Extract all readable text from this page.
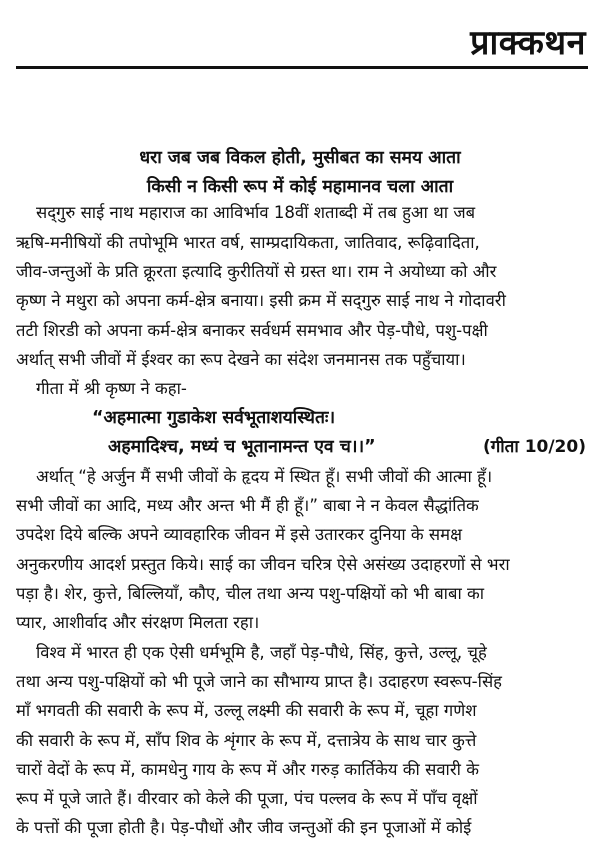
प्राक्कथन
धरा जब जब विकल होती, मुसीबत का समय आता
किसी न किसी रूप में कोई महामानव चला आता
सद्‌गुरु साई नाथ महाराज का आविर्भाव 18वीं शताब्दी में तब हुआ था जब
ऋषि-मनीषियों की तपोभूमि भारत वर्ष, साम्प्रदायिकता, जातिवाद, रूढ़िवादिता,
जीव-जन्तुओं के प्रति क्रूरता इत्यादि कुरीतियों से ग्रस्त था। राम ने अयोध्या को और
कृष्ण ने मथुरा को अपना कर्म-क्षेत्र बनाया। इसी क्रम में सद्‌गुरु साई नाथ ने गोदावरी
तटी शिरडी को अपना कर्म-क्षेत्र बनाकर सर्वधर्म समभाव और पेड़-पौधे, पशु-पक्षी
अर्थात् सभी जीवों में ईश्वर का रूप देखने का संदेश जनमानस तक पहुँचाया।
गीता में श्री कृष्ण ने कहा-
“अहमात्मा गुडाकेश सर्वभूताशयस्थितः।
अहमादिश्च, मध्यं च भूतानामन्त एव च।।”	(गीता 10/20)
अर्थात् “हे अर्जुन मैं सभी जीवों के हृदय में स्थित हूँ। सभी जीवों की आत्मा हूँ।
सभी जीवों का आदि, मध्य और अन्त भी मैं ही हूँ।” बाबा ने न केवल सैद्धांतिक
उपदेश दिये बल्कि अपने व्यावहारिक जीवन में इसे उतारकर दुनिया के समक्ष
अनुकरणीय आदर्श प्रस्तुत किये। साई का जीवन चरित्र ऐसे असंख्य उदाहरणों से भरा
पड़ा है। शेर, कुत्ते, बिल्लियाँ, कौए, चील तथा अन्य पशु-पक्षियों को भी बाबा का
प्यार, आशीर्वाद और संरक्षण मिलता रहा।
विश्व में भारत ही एक ऐसी धर्मभूमि है, जहाँ पेड़-पौधे, सिंह, कुत्ते, उल्लू, चूहे
तथा अन्य पशु-पक्षियों को भी पूजे जाने का सौभाग्य प्राप्त है। उदाहरण स्वरूप-सिंह
माँ भगवती की सवारी के रूप में, उल्लू लक्ष्मी की सवारी के रूप में, चूहा गणेश
की सवारी के रूप में, साँप शिव के शृंगार के रूप में, दत्तात्रेय के साथ चार कुत्ते
चारों वेदों के रूप में, कामधेनु गाय के रूप में और गरुड़ कार्तिकेय की सवारी के
रूप में पूजे जाते हैं। वीरवार को केले की पूजा, पंच पल्लव के रूप में पाँच वृक्षों
के पत्तों की पूजा होती है। पेड़-पौधों और जीव जन्तुओं की इन पूजाओं में कोई
